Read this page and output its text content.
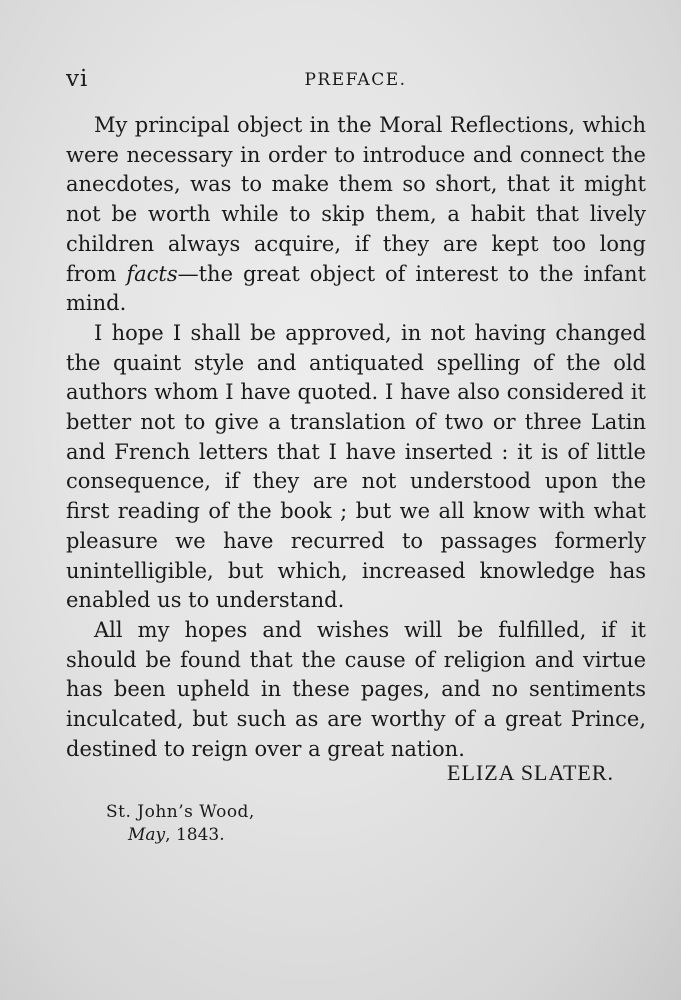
vi	PREFACE.

My principal object in the Moral Reflections, which were necessary in order to introduce and connect the anecdotes, was to make them so short, that it might not be worth while to skip them, a habit that lively children always acquire, if they are kept too long from facts—the great object of interest to the infant mind.

I hope I shall be approved, in not having changed the quaint style and antiquated spelling of the old authors whom I have quoted. I have also considered it better not to give a translation of two or three Latin and French letters that I have inserted : it is of little consequence, if they are not understood upon the first reading of the book ; but we all know with what pleasure we have recurred to passages formerly unintelligible, but which, increased knowledge has enabled us to understand.

All my hopes and wishes will be fulfilled, if it should be found that the cause of religion and virtue has been upheld in these pages, and no sentiments inculcated, but such as are worthy of a great Prince, destined to reign over a great nation.

ELIZA SLATER.
St. John’s Wood,
May, 1843.
